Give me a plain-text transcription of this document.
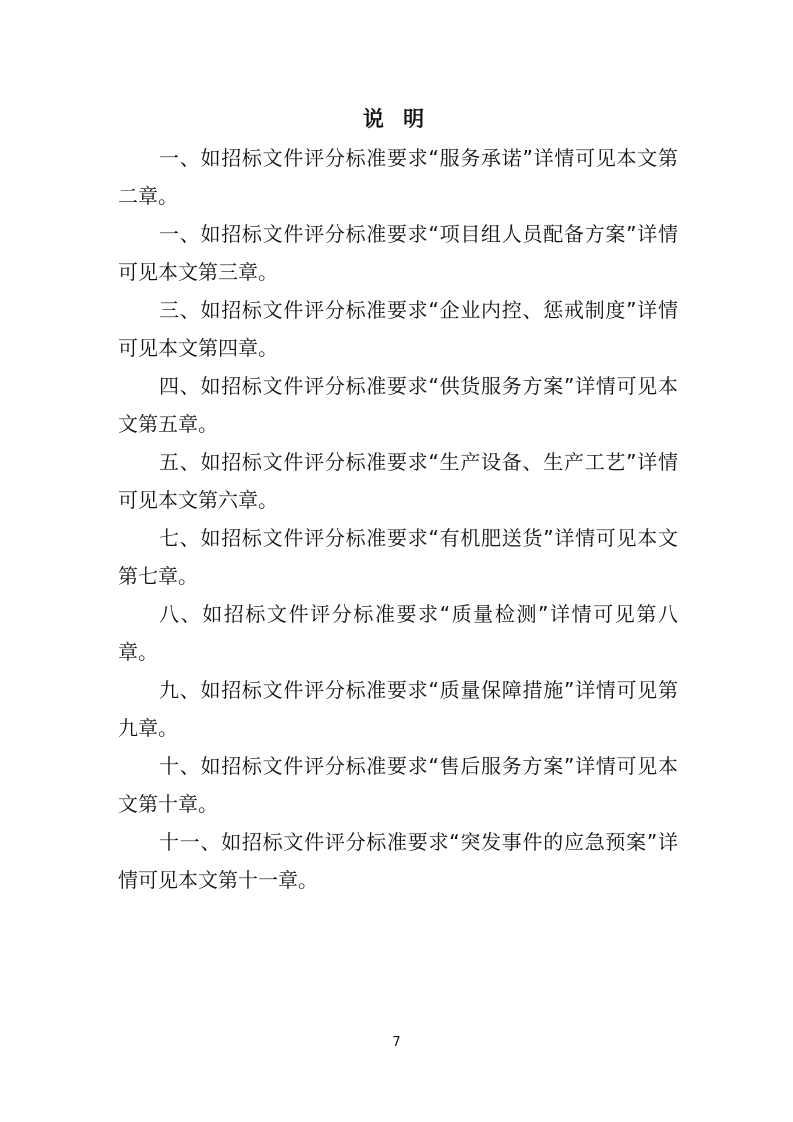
说 明

一、如招标文件评分标准要求“服务承诺”详情可见本文第二章。

一、如招标文件评分标准要求“项目组人员配备方案”详情可见本文第三章。

三、如招标文件评分标准要求“企业内控、惩戒制度”详情可见本文第四章。

四、如招标文件评分标准要求“供货服务方案”详情可见本文第五章。

五、如招标文件评分标准要求“生产设备、生产工艺”详情可见本文第六章。

七、如招标文件评分标准要求“有机肥送货”详情可见本文第七章。

八、如招标文件评分标准要求“质量检测”详情可见第八章。

九、如招标文件评分标准要求“质量保障措施”详情可见第九章。

十、如招标文件评分标准要求“售后服务方案”详情可见本文第十章。

十一、如招标文件评分标准要求“突发事件的应急预案”详情可见本文第十一章。

7
